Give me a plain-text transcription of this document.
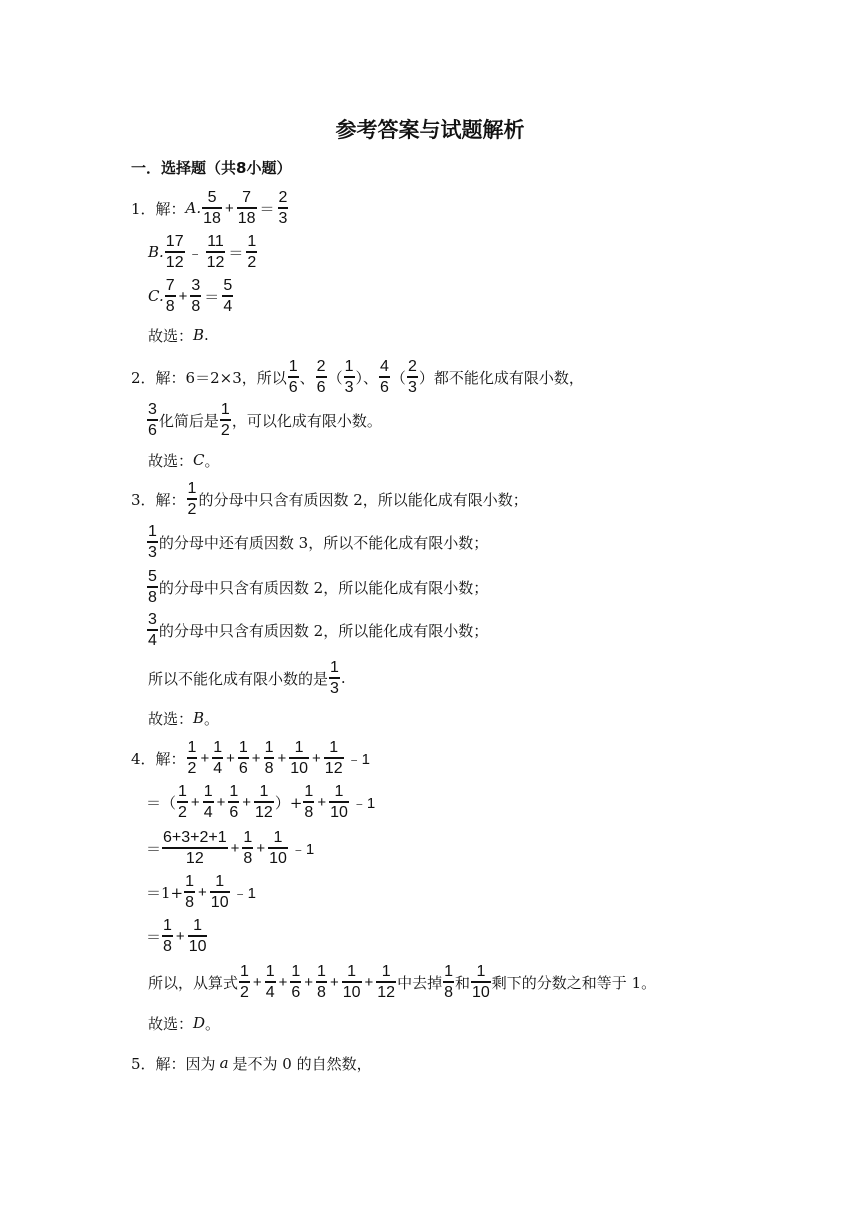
参考答案与试题解析
一．选择题（共8小题）
1．解： A. $\frac{5}{18} + \frac{7}{18} = \frac{2}{3}$
B. $\frac{17}{12}$ ﹣ $\frac{11}{12} = \frac{1}{2}$
C. $\frac{7}{8} + \frac{3}{8} = \frac{5}{4}$
故选： B .
2．解： 6＝2×3，所以 $\frac{1}{6}$ 、 $\frac{2}{6}$ （ $\frac{1}{3}$ ）、 $\frac{4}{6}$ （ $\frac{2}{3}$ ） 都不能化成有限小数，
$\frac{3}{6}$ 化简后是 $\frac{1}{2}$ ，可以化成有限小数。
故选： C 。
3．解： $\frac{1}{2}$ 的分母中只含有质因数 2，所以能化成有限小数；
$\frac{1}{3}$ 的分母中还有质因数 3，所以不能化成有限小数；
$\frac{5}{8}$ 的分母中只含有质因数 2，所以能化成有限小数；
$\frac{3}{4}$ 的分母中只含有质因数 2，所以能化成有限小数；
所以不能化成有限小数的是 $\frac{1}{3}$ .
故选： B 。
4．解： $\frac{1}{2} + \frac{1}{4} + \frac{1}{6} + \frac{1}{8} + \frac{1}{10} + \frac{1}{12}$ ﹣1
＝（ $\frac{1}{2} + \frac{1}{4} + \frac{1}{6} + \frac{1}{12}$ ）+ $\frac{1}{8} + \frac{1}{10}$ ﹣1
＝ $\frac{6+3+2+1}{12} + \frac{1}{8} + \frac{1}{10}$ ﹣1
$=1+ \frac{1}{8} + \frac{1}{10}$ ﹣1
＝ $\frac{1}{8} + \frac{1}{10}$
所以，从算式 $\frac{1}{2} + \frac{1}{4} + \frac{1}{6} + \frac{1}{8} + \frac{1}{10} + \frac{1}{12}$ 中去掉 $\frac{1}{8}$ 和 $\frac{1}{10}$ 剩下的分数之和等于 1。
故选： D 。
5．解： 因为 a 是不为 0 的自然数，
